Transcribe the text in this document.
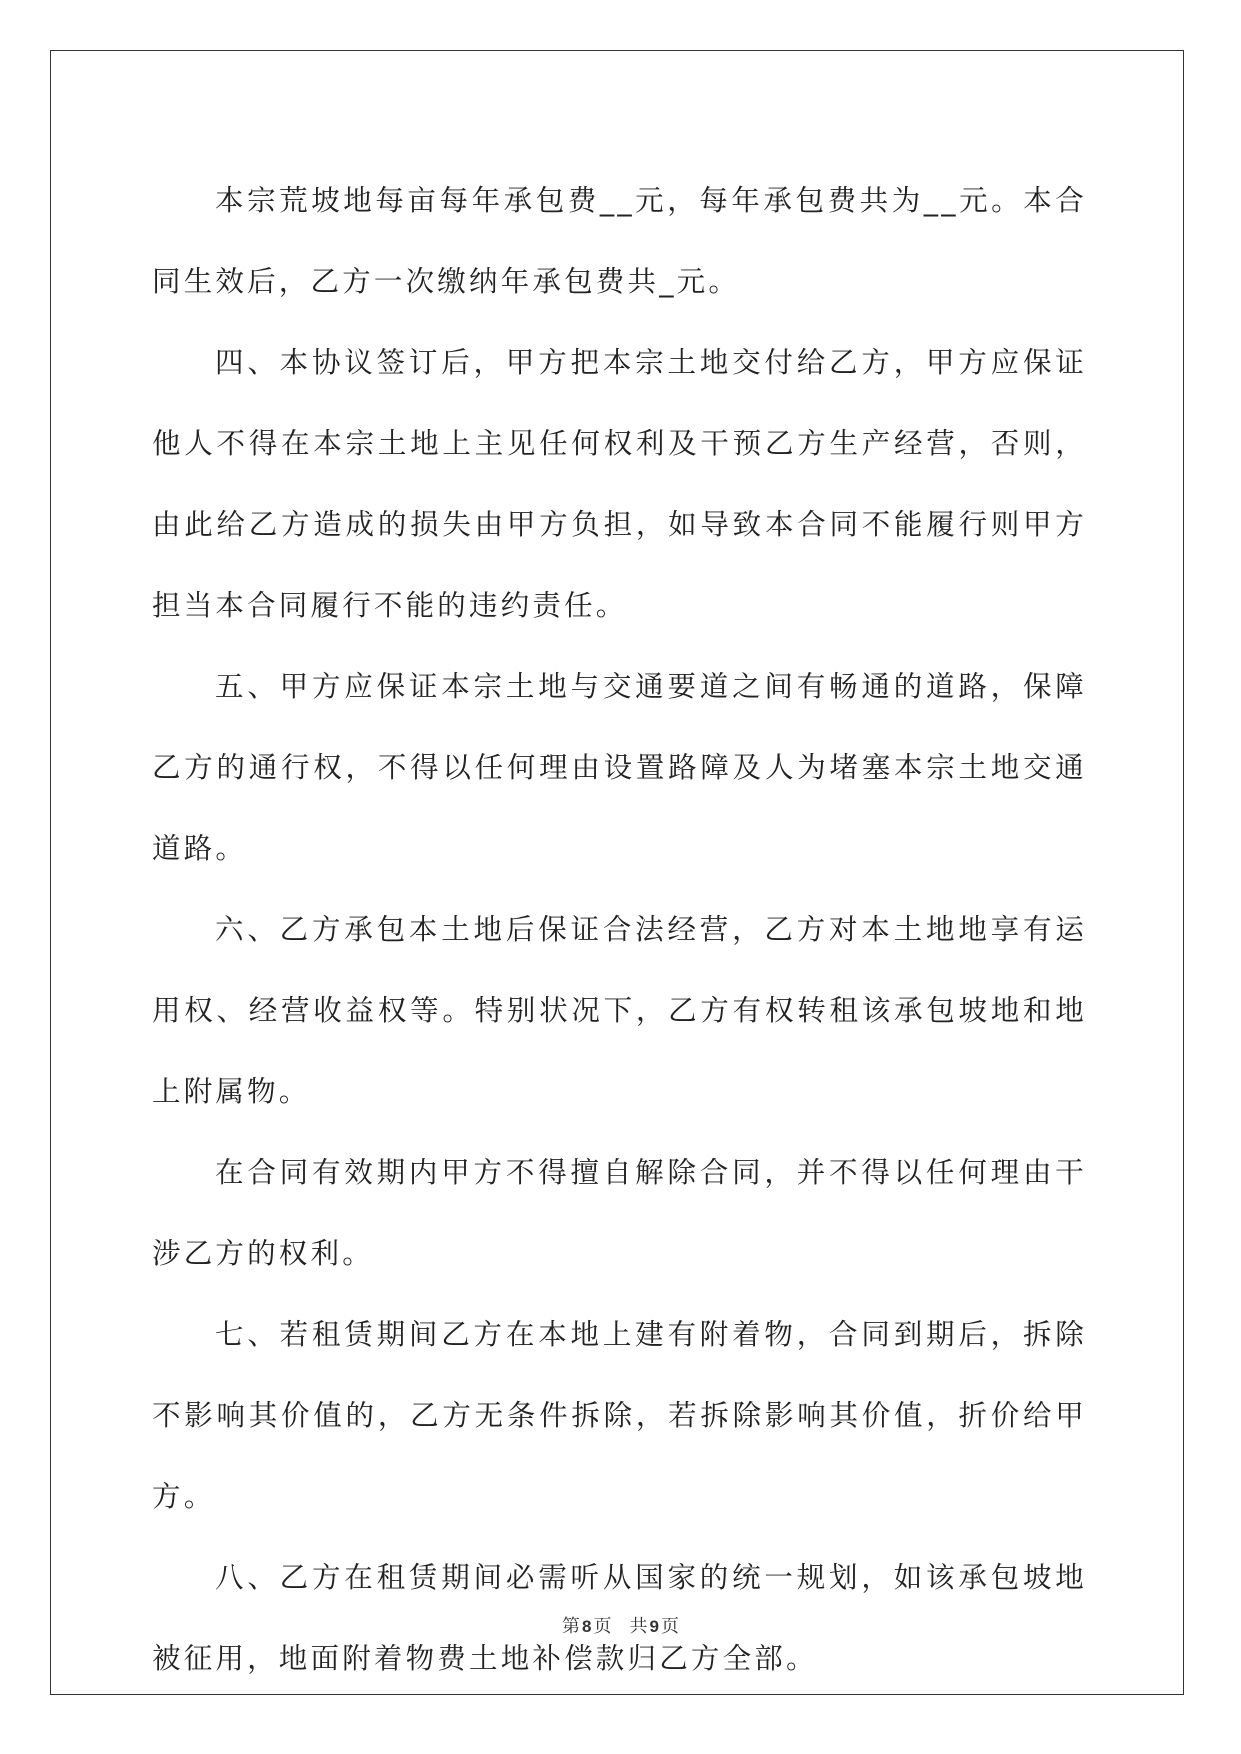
本宗荒坡地每亩每年承包费__元，每年承包费共为__元。本合同生效后，乙方一次缴纳年承包费共_元。

四、本协议签订后，甲方把本宗土地交付给乙方，甲方应保证他人不得在本宗土地上主见任何权利及干预乙方生产经营，否则，由此给乙方造成的损失由甲方负担，如导致本合同不能履行则甲方担当本合同履行不能的违约责任。

五、甲方应保证本宗土地与交通要道之间有畅通的道路，保障乙方的通行权，不得以任何理由设置路障及人为堵塞本宗土地交通道路。

六、乙方承包本土地后保证合法经营，乙方对本土地地享有运用权、经营收益权等。特别状况下，乙方有权转租该承包坡地和地上附属物。

在合同有效期内甲方不得擅自解除合同，并不得以任何理由干涉乙方的权利。

七、若租赁期间乙方在本地上建有附着物，合同到期后，拆除不影响其价值的，乙方无条件拆除，若拆除影响其价值，折价给甲方。

八、乙方在租赁期间必需听从国家的统一规划，如该承包坡地被征用，地面附着物费土地补偿款归乙方全部。

第 8 页 共 9 页
